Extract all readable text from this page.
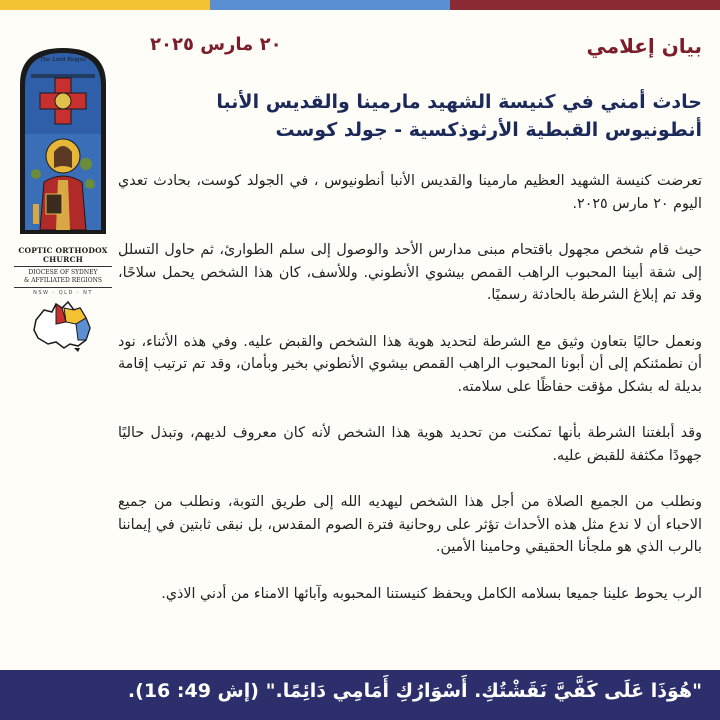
The Lord Reigns
COPTIC ORTHODOX CHURCH
DIOCESE OF SYDNEY
& AFFILIATED REGIONS
NSW · QLD · NT
بيان إعلامي
٢٠ مارس ٢٠٢٥
حادث أمني في كنيسة الشهيد مارمينا والقديس الأنبا
أنطونيوس القبطية الأرثوذكسية - جولد كوست

تعرضت كنيسة الشهيد العظيم مارمينا والقديس الأنبا أنطونيوس ، في الجولد كوست، بحادث تعدي اليوم ٢٠ مارس ٢٠٢٥.

حيث قام شخص مجهول باقتحام مبنى مدارس الأحد والوصول إلى سلم الطوارئ، ثم حاول التسلل إلى شقة أبينا المحبوب الراهب القمص بيشوي الأنطوني. وللأسف، كان هذا الشخص يحمل سلاحًا، وقد تم إبلاغ الشرطة بالحادثة رسميًا.

ونعمل حاليًا بتعاون وثيق مع الشرطة لتحديد هوية هذا الشخص والقبض عليه. وفي هذه الأثناء، نود أن نطمئنكم إلى أن أبونا المحبوب الراهب القمص بيشوي الأنطوني بخير وبأمان، وقد تم ترتيب إقامة بديلة له بشكل مؤقت حفاظًا على سلامته.

وقد أبلغتنا الشرطة بأنها تمكنت من تحديد هوية هذا الشخص لأنه كان معروف لديهم، وتبذل حاليًا جهودًا مكثفة للقبض عليه.

ونطلب من الجميع الصلاة من أجل هذا الشخص ليهديه الله إلى طريق التوبة، ونطلب من جميع الاحباء أن لا ندع مثل هذه الأحداث تؤثر على روحانية فترة الصوم المقدس، بل نبقى ثابتين في إيماننا بالرب الذي هو ملجأنا الحقيقي وحامينا الأمين.

الرب يحوط علينا جميعا بسلامه الكامل ويحفظ كنيستنا المحبوبه وآبائها الامناء من أدني الاذي.

"هُوَذَا عَلَى كَفَّيَّ نَقَشْتُكِ. أَسْوَارُكِ أَمَامِي دَائِمًا." (إش 49: 16).
